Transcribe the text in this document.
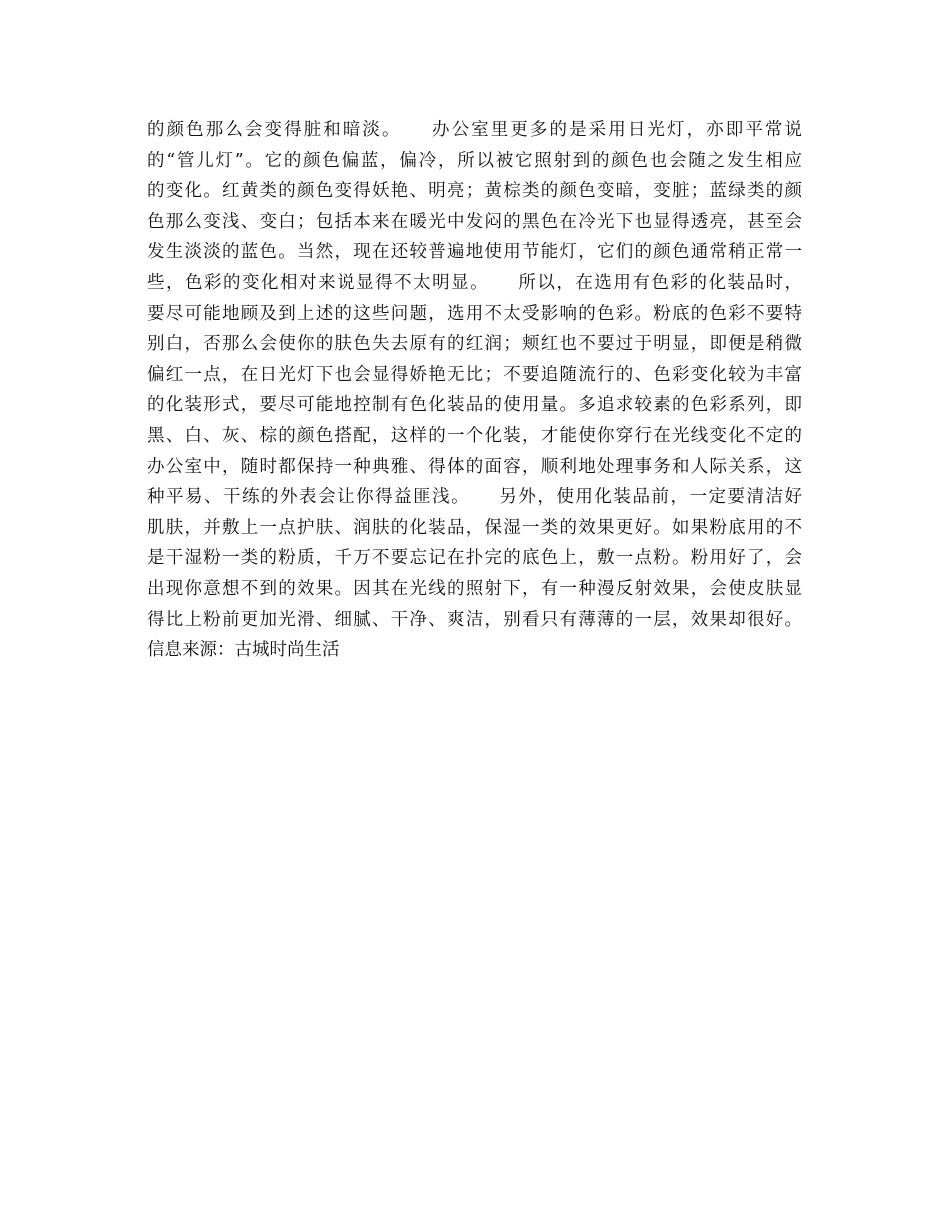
的颜色那么会变得脏和暗淡。　　办公室里更多的是采用日光灯，亦即平常说
的“管儿灯”。它的颜色偏蓝，偏冷，所以被它照射到的颜色也会随之发生相应
的变化。红黄类的颜色变得妖艳、明亮；黄棕类的颜色变暗，变脏；蓝绿类的颜
色那么变浅、变白；包括本来在暖光中发闷的黑色在冷光下也显得透亮，甚至会
发生淡淡的蓝色。当然，现在还较普遍地使用节能灯，它们的颜色通常稍正常一
些，色彩的变化相对来说显得不太明显。　　所以，在选用有色彩的化装品时，
要尽可能地顾及到上述的这些问题，选用不太受影响的色彩。粉底的色彩不要特
别白，否那么会使你的肤色失去原有的红润；颊红也不要过于明显，即便是稍微
偏红一点，在日光灯下也会显得娇艳无比；不要追随流行的、色彩变化较为丰富
的化装形式，要尽可能地控制有色化装品的使用量。多追求较素的色彩系列，即
黑、白、灰、棕的颜色搭配，这样的一个化装，才能使你穿行在光线变化不定的
办公室中，随时都保持一种典雅、得体的面容，顺利地处理事务和人际关系，这
种平易、干练的外表会让你得益匪浅。　　另外，使用化装品前，一定要清洁好
肌肤，并敷上一点护肤、润肤的化装品，保湿一类的效果更好。如果粉底用的不
是干湿粉一类的粉质，千万不要忘记在扑完的底色上，敷一点粉。粉用好了，会
出现你意想不到的效果。因其在光线的照射下，有一种漫反射效果，会使皮肤显
得比上粉前更加光滑、细腻、干净、爽洁，别看只有薄薄的一层，效果却很好。
信息来源：古城时尚生活
